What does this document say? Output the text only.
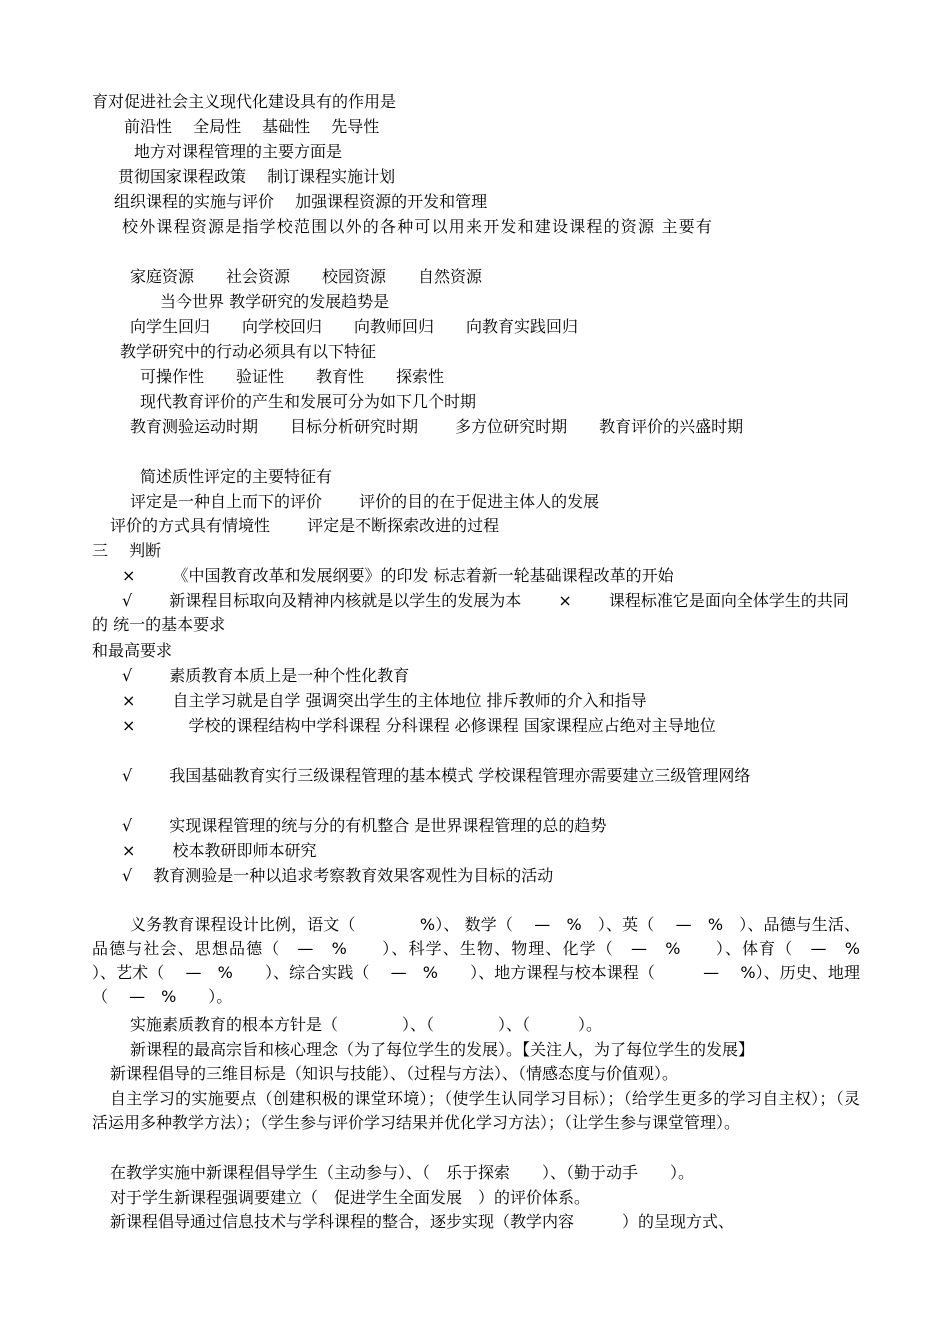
育对促进社会主义现代化建设具有的作用是
前沿性　 全局性　 基础性　 先导性
地方对课程管理的主要方面是
贯彻国家课程政策　 制订课程实施计划
组织课程的实施与评价　 加强课程资源的开发和管理
校外课程资源是指学校范围以外的各种可以用来开发和建设课程的资源 主要有
家庭资源　　社会资源　　校园资源　　自然资源
当今世界 教学研究的发展趋势是
向学生回归　　向学校回归　　向教师回归　　向教育实践回归
教学研究中的行动必须具有以下特征
可操作性　　验证性　　教育性　　探索性
现代教育评价的产生和发展可分为如下几个时期
教育测验运动时期　　目标分析研究时期　　 多方位研究时期　　教育评价的兴盛时期
简述质性评定的主要特征有
评定是一种自上而下的评价　　 评价的目的在于促进主体人的发展
评价的方式具有情境性　　 评定是不断探索改进的过程
三　 判断
×　　 《中国教育改革和发展纲要》的印发 标志着新一轮基础课程改革的开始
√　　 新课程目标取向及精神内核就是以学生的发展为本　　 ×　　 课程标准它是面向全体学生的共同的 统一的基本要求
和最高要求
√　　 素质教育本质上是一种个性化教育
×　　 自主学习就是自学 强调突出学生的主体地位 排斥教师的介入和指导
×　　　 学校的课程结构中学科课程 分科课程 必修课程 国家课程应占绝对主导地位
√　　 我国基础教育实行三级课程管理的基本模式 学校课程管理亦需要建立三级管理网络
√　　 实现课程管理的统与分的有机整合 是世界课程管理的总的趋势
×　　 校本教研即师本研究
√　 教育测验是一种以追求考察教育效果客观性为目标的活动
义务教育课程设计比例，语文（　　　　%）、 数学（　 —　%　）、英（　 —　%　）、品德与生活、品德与社会、思想品德（　—　%　　）、科学、生物、物理、化学（　—　%　　）、体育（　—　%　　）、艺术（　 —　%　　）、综合实践（　 —　%　　）、地方课程与校本课程（　　　—　 %）、历史、地理（　 —　%　　）。
实施素质教育的根本方针是（　　　　）、（　　　　）、（　　　）。
新课程的最高宗旨和核心理念（为了每位学生的发展）。【关注人，为了每位学生的发展】
新课程倡导的三维目标是（知识与技能）、（过程与方法）、（情感态度与价值观）。
自主学习的实施要点（创建积极的课堂环境）；（使学生认同学习目标）；（给学生更多的学习自主权）；（灵活运用多种教学方法）；（学生参与评价学习结果并优化学习方法）；（让学生参与课堂管理）。
在教学实施中新课程倡导学生（主动参与）、（　乐于探索　　）、（勤于动手　　）。
对于学生新课程强调要建立（　促进学生全面发展　）的评价体系。
新课程倡导通过信息技术与学科课程的整合，逐步实现（教学内容　　　）的呈现方式、
